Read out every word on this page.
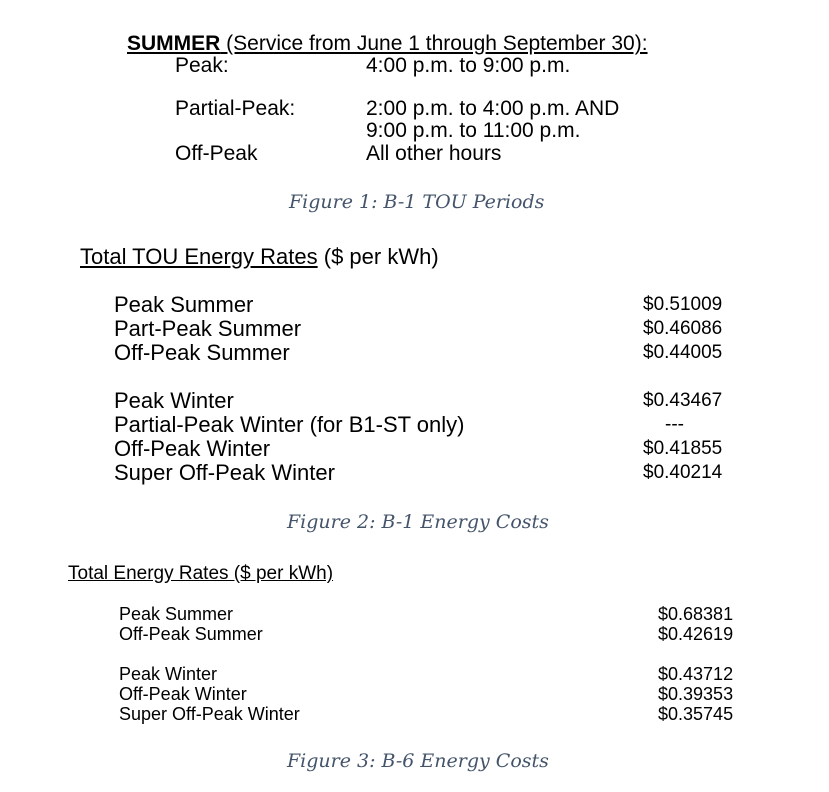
SUMMER (Service from June 1 through September 30):
Peak:	4:00 p.m. to 9:00 p.m.
Partial-Peak:	2:00 p.m. to 4:00 p.m. AND
9:00 p.m. to 11:00 p.m.
Off-Peak	All other hours
Figure 1: B-1 TOU Periods
Total TOU Energy Rates ($ per kWh)
Peak Summer	$0.51009
Part-Peak Summer	$0.46086
Off-Peak Summer	$0.44005
Peak Winter	$0.43467
Partial-Peak Winter (for B1-ST only)	---
Off-Peak Winter	$0.41855
Super Off-Peak Winter	$0.40214
Figure 2: B-1 Energy Costs
Total Energy Rates ($ per kWh)
Peak Summer	$0.68381
Off-Peak Summer	$0.42619
Peak Winter	$0.43712
Off-Peak Winter	$0.39353
Super Off-Peak Winter	$0.35745
Figure 3: B-6 Energy Costs
